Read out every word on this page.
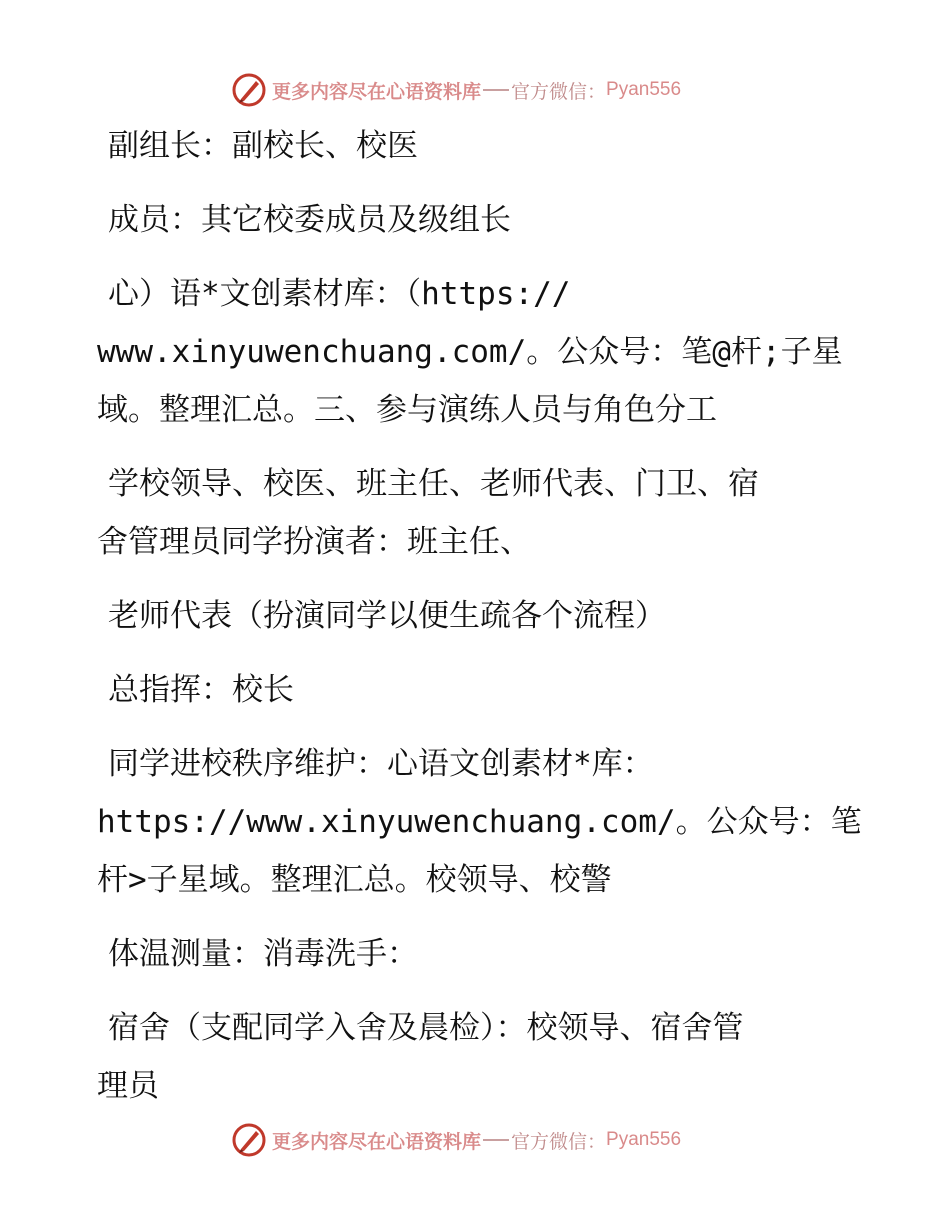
更多内容尽在心语资料库 官方微信： Pyan556
副组长：副校长、校医
成员：其它校委成员及级组长
心）语*文创素材库：（https://
www.xinyuwenchuang.com/。公众号：笔@杆;子星
域。整理汇总。三、参与演练人员与角色分工
学校领导、校医、班主任、老师代表、门卫、宿
舍管理员同学扮演者：班主任、
老师代表（扮演同学以便生疏各个流程）
总指挥：校长
同学进校秩序维护：心语文创素材*库：
https://www.xinyuwenchuang.com/。公众号：笔
杆>子星域。整理汇总。校领导、校警
体温测量：消毒洗手：
宿舍（支配同学入舍及晨检）：校领导、宿舍管
理员
更多内容尽在心语资料库 官方微信： Pyan556
